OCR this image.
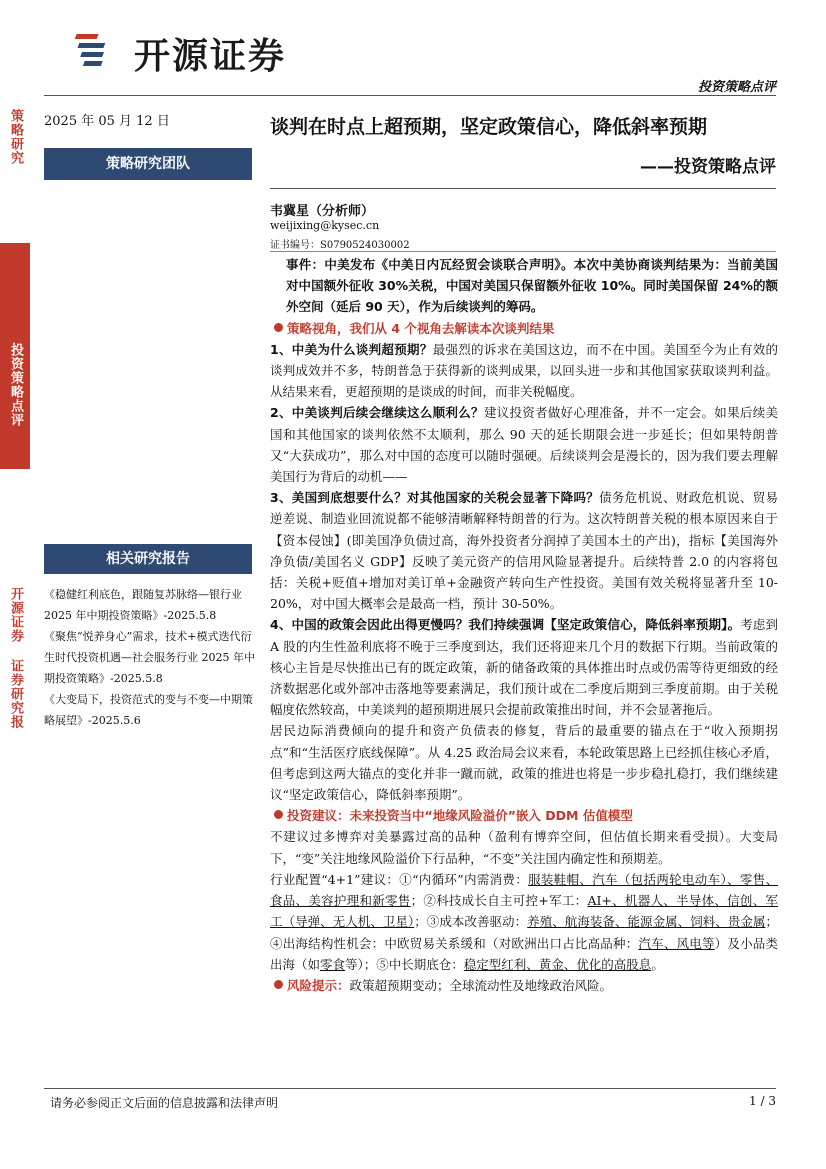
开源证券
投资策略点评
策略研究
投资策略点评
开源证券 证券研究报
2025 年 05 月 12 日
策略研究团队
相关研究报告
《稳健红利底色，跟随复苏脉络—银行业 2025 年中期投资策略》-2025.5.8
《聚焦“悦养身心”需求，技术+模式迭代衍生时代投资机遇—社会服务行业 2025 年中期投资策略》-2025.5.8
《大变局下，投资范式的变与不变—中期策略展望》-2025.5.6
谈判在时点上超预期，坚定政策信心，降低斜率预期
——投资策略点评
韦冀星（分析师）
weijixing@kysec.cn
证书编号：S0790524030002

事件：中美发布《中美日内瓦经贸会谈联合声明》。本次中美协商谈判结果为：当前美国对中国额外征收 30%关税，中国对美国只保留额外征收 10%。同时美国保留 24%的额外空间（延后 90 天），作为后续谈判的筹码。

策略视角，我们从 4 个视角去解读本次谈判结果

1、中美为什么谈判超预期？最强烈的诉求在美国这边，而不在中国。美国至今为止有效的谈判成效并不多，特朗普急于获得新的谈判成果，以回头进一步和其他国家获取谈判利益。从结果来看，更超预期的是谈成的时间，而非关税幅度。

2、中美谈判后续会继续这么顺利么？建议投资者做好心理准备，并不一定会。如果后续美国和其他国家的谈判依然不太顺利，那么 90 天的延长期限会进一步延长；但如果特朗普又“大获成功”，那么对中国的态度可以随时强硬。后续谈判会是漫长的，因为我们要去理解美国行为背后的动机——

3、美国到底想要什么？对其他国家的关税会显著下降吗？债务危机说、财政危机说、贸易逆差说、制造业回流说都不能够清晰解释特朗普的行为。这次特朗普关税的根本原因来自于【资本侵蚀】(即美国净负债过高，海外投资者分润掉了美国本土的产出)，指标【美国海外净负债/美国名义 GDP】反映了美元资产的信用风险显著提升。后续特普 2.0 的内容将包括：关税+贬值+增加对美订单+金融资产转向生产性投资。美国有效关税将显著升至 10-20%，对中国大概率会是最高一档，预计 30-50%。

4、中国的政策会因此出得更慢吗？我们持续强调【坚定政策信心，降低斜率预期】。考虑到 A 股的内生性盈利底将不晚于三季度到达，我们还将迎来几个月的数据下行期。当前政策的核心主旨是尽快推出已有的既定政策，新的储备政策的具体推出时点或仍需等待更细致的经济数据恶化或外部冲击落地等要素满足，我们预计或在二季度后期到三季度前期。由于关税幅度依然较高，中美谈判的超预期进展只会提前政策推出时间，并不会显著拖后。

居民边际消费倾向的提升和资产负债表的修复，背后的最重要的锚点在于“收入预期拐点”和“生活医疗底线保障”。从 4.25 政治局会议来看，本轮政策思路上已经抓住核心矛盾，但考虑到这两大锚点的变化并非一蹴而就，政策的推进也将是一步步稳扎稳打，我们继续建议“坚定政策信心，降低斜率预期”。

投资建议：未来投资当中“地缘风险溢价”嵌入 DDM 估值模型

不建议过多博弈对美暴露过高的品种（盈利有博弈空间，但估值长期来看受损）。大变局下，“变”关注地缘风险溢价下行品种，“不变”关注国内确定性和预期差。

行业配置“4+1”建议：①“内循环”内需消费：服装鞋帽、汽车（包括两轮电动车）、零售、食品、美容护理和新零售；②科技成长自主可控+军工：AI+、机器人、半导体、信创、军工（导弹、无人机、卫星）；③成本改善驱动：养殖、航海装备、能源金属、饲料、贵金属；④出海结构性机会：中欧贸易关系缓和（对欧洲出口占比高品种：汽车、风电等）及小品类出海（如零食等）；⑤中长期底仓：稳定型红利、黄金、优化的高股息。

风险提示：政策超预期变动；全球流动性及地缘政治风险。

请务必参阅正文后面的信息披露和法律声明	1 / 3
